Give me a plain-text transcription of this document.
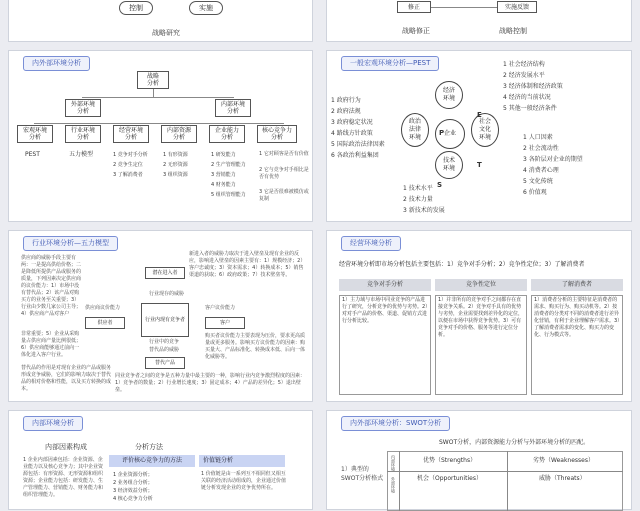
控制	实施
战略研究
修正	实施反馈
战略修正	战略控制
内外部环境分析
战略
分析
外部环境
分析
内部环境
分析
宏观环境
分析
行业环境
分析
经营环境
分析
内部资源
分析
企业能力
分析
核心竞争力
分析
PEST	五力模型	1 竞争对手分析
2 竞争生定位
3 了解消费者
1 有形资源
2 无形资源
3 组织资源
1 研发能力
2 生产管理能力
3 营销能力
4 财务能力
5 组织管理能力
1 它对顾客是否有价值
2 它与竞争对手相比是否有优势
3 它是否很难被模仿或复制
一般宏观环境分析—PEST
企业
经济
环境
政治
法律
环境
社会
文化
环境
技术
环境
P
E
S
T
1 社会经济结构
2 经济发展水平
3 经济体制和经济政策
4 经济的当前状况
5 其他一般经济条件
1 政府行为
2 政府法规
3 政府稳定状况
4 路线方针政策
5 国际政治法律因素
6 各政治利益集团
1 人口因素
2 社会流动性
3 各阶层对企业的期望
4 消费者心理
5 文化传统
6 价值观
1 技术水平
2 技术力量
3 新技术的发展
行业环境分析—五力模型
潜在进入者
供应者	行业内现有竞争者
替代产品
客户
行业现存的威胁
行业中的竞争
替代品的威胁
客户议价能力
供应商议价能力
供应商的威胁手段主要有两：一是提高供给价格；二是降低所提供产品或服务的质量，下列因素决定供应商的议价能力：1）市场中没有替代品；2）该产品对购买方的业务至关重要；3）行业由少数几家公司主导；4）供应商产品对客户
非常重要；5）企业从采购量占供应商产量比例很低；6）供应商能够通过前向一体化进入客户行业。
替代品的作用是对现有企业的产品或服务形成竞争威胁，它们的影响力取决于替代品的相对价格和性能，以及买方转换的成本。
新进入者的威胁力取决于进入壁垒及现有企业的反应，影响进入壁垒的因素主要有：1）规模经济；2）客户忠诚度；3）资本需求；4）转换成本；5）销售渠道的获取；6）政府政策；7）技术壁垒等。
购买者议价能力主要表现为压价，要求更高质量或更多服务。影响买方议价能力的因素：购买量大、产品标准化、转换成本低、后向一体化威胁等。
同业竞争者之间的竞争是五种力量中最主要的一种，影响行业内竞争激烈程度的因素：1）竞争者的数量；2）行业增长速度；3）固定成本；4）产品的差异化；5）退出壁垒。
经营环境分析
经营环境分析即市场分析包括主要包括：1）竞争对手分析；2）竞争性定位；3）了解消费者
竞争对手分析	竞争性定位	了解消费者
1）主力域与市场中同业竞争的产品进行了研究，分析竞争的优势与劣势。2）对对手产品的价格、渠道、促销方式进行分析比较。
1）并非所有的竞争对手之间都存在直接竞争关系。2）竞争对手具有的优势与劣势，企业需要找到差异化的定位，以便在市场中获得竞争优势。3）可有竞争对手的价格、服务等进行定位分析。
1）消费者分析的主要特征是消费者的需求、购买行为、购买动机等。2）按消费者的分类对不同的消费者进行差异化营销，有利于企业理解客户需求。3）了解消费者需求的变化、购买力的变化、行为模式等。
内部环境分析
内部因素构成	分析方法
评价核心竞争力的方法	价值链分析
1 企业内部因素包括：企业资源、企业能力以及核心竞争力；其中企业资源包括：有形资源、无形资源和组织资源；企业能力包括：研发能力、生产管理能力、营销能力、财务能力和组织管理能力。
1 企业资源分析；
2 业务组合分析；
3 经济效益分析；
4 核心竞争力分析
1 价值链是由一系列互不相同但又相互关联的经济活动组成的，企业通过价值链分析发现企业的竞争优势所在。
内外部环境分析：SWOT分析
SWOT分析，内部资源能力分析与外部环境分析的匹配。
1）典型的
SWOT分析格式
内部环境
外部环境
优势（Strengths）	劣势（Weaknesses）
机会（Opportunities）	威胁（Threats）
